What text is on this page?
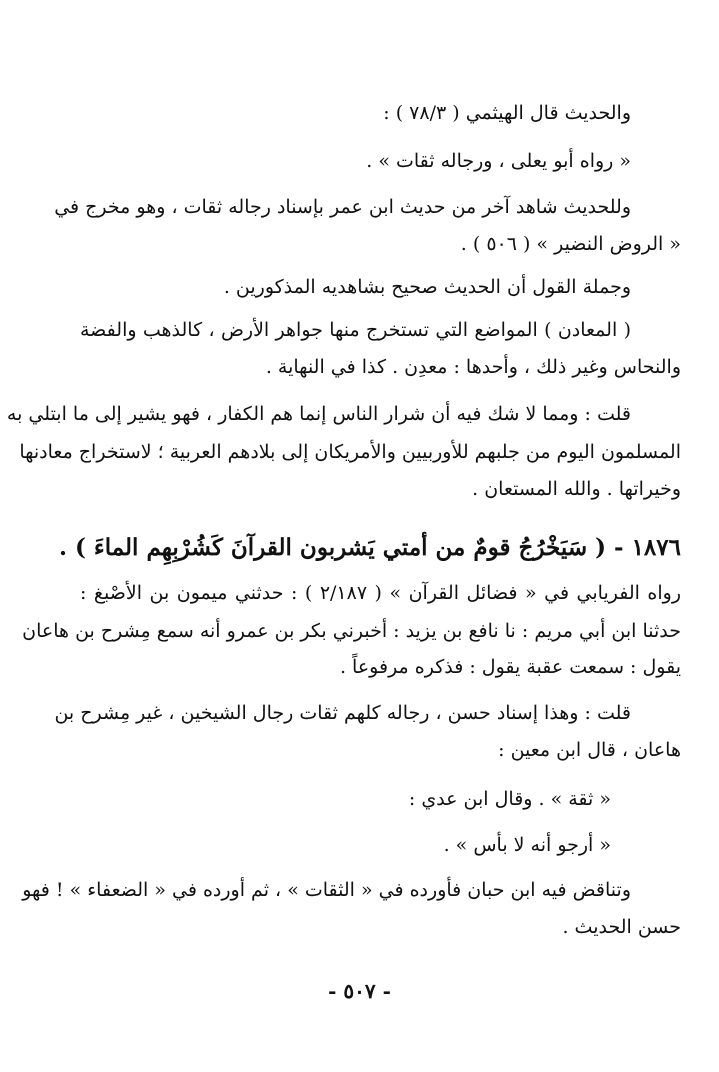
والحديث قال الهيثمي ( ٧٨/٣ ) :
« رواه أبو يعلى ، ورجاله ثقات » .
وللحديث شاهد آخر من حديث ابن عمر بإسناد رجاله ثقات ، وهو مخرج في
« الروض النضير » ( ٥٠٦ ) .
وجملة القول أن الحديث صحيح بشاهديه المذكورين .
( المعادن ) المواضع التي تستخرج منها جواهر الأرض ، كالذهب والفضة
والنحاس وغير ذلك ، وأحدها : معدِن . كذا في النهاية .
قلت : ومما لا شك فيه أن شرار الناس إنما هم الكفار ، فهو يشير إلى ما ابتلي به
المسلمون اليوم من جلبهم للأوربيين والأمريكان إلى بلادهم العربية ؛ لاستخراج معادنها
وخيراتها . والله المستعان .
١٨٧٦ - ( سَيَخْرُجُ قومٌ من أمتي يَشربون القرآنَ كَشُرْبِهِم الماءَ ) .
رواه الفريابي في « فضائل القرآن » ( ٢/١٨٧ ) : حدثني ميمون بن الأصْبغ :
حدثنا ابن أبي مريم : نا نافع بن يزيد : أخبرني بكر بن عمرو أنه سمع مِشرح بن هاعان
يقول : سمعت عقبة يقول : فذكره مرفوعاً .
قلت : وهذا إسناد حسن ، رجاله كلهم ثقات رجال الشيخين ، غير مِشرح بن
هاعان ، قال ابن معين :
« ثقة » . وقال ابن عدي :
« أرجو أنه لا بأس » .
وتناقض فيه ابن حبان فأورده في « الثقات » ، ثم أورده في « الضعفاء » ! فهو
حسن الحديث .
- ٥٠٧ -
